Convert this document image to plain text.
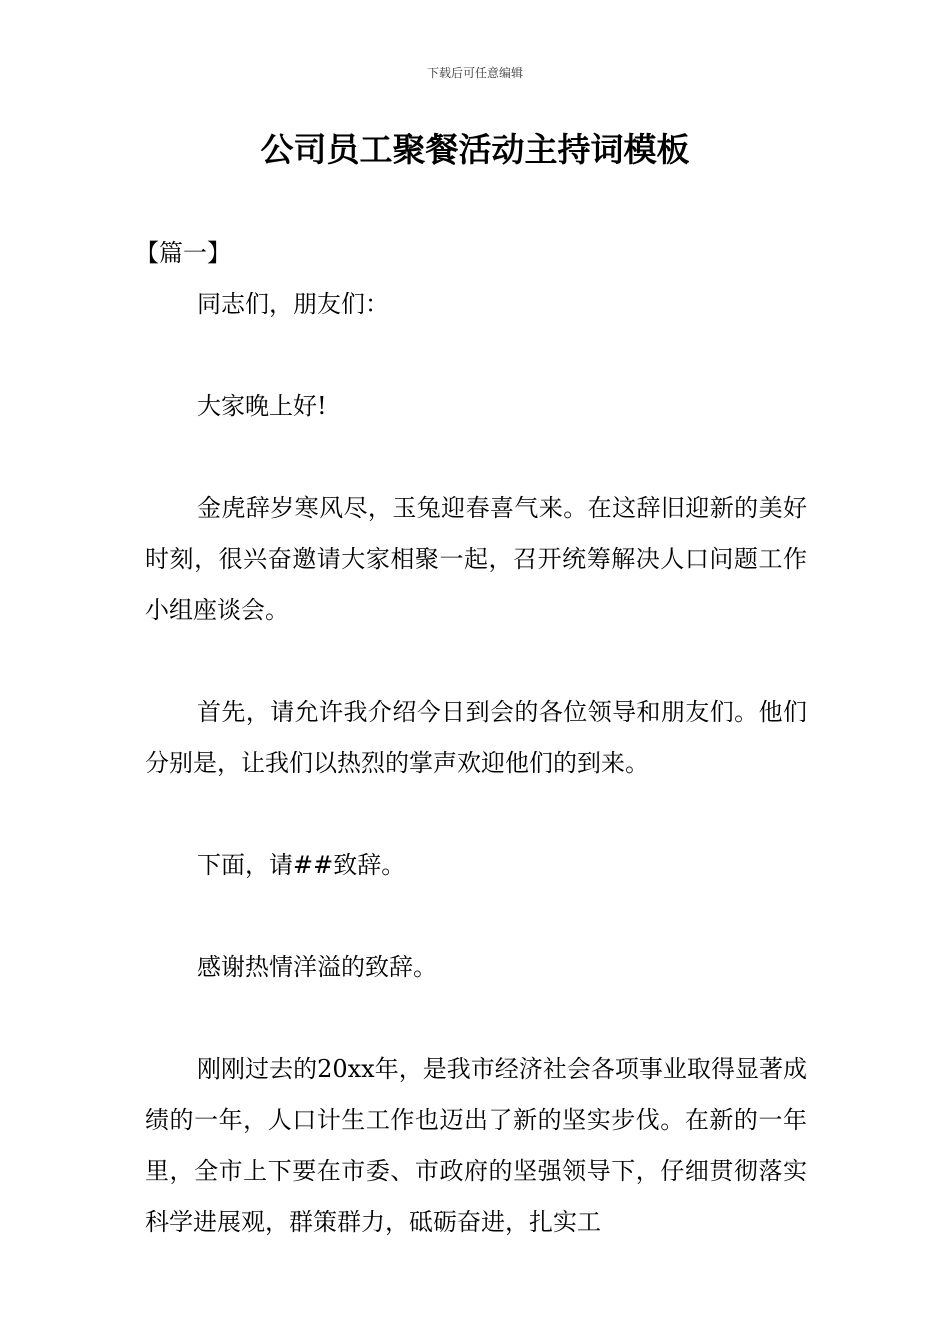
下载后可任意编辑
公司员工聚餐活动主持词模板

【篇一】

同志们，朋友们：

大家晚上好!

金虎辞岁寒风尽，玉兔迎春喜气来。在这辞旧迎新的美好时刻，很兴奋邀请大家相聚一起，召开统筹解决人口问题工作小组座谈会。

首先，请允许我介绍今日到会的各位领导和朋友们。他们分别是，让我们以热烈的掌声欢迎他们的到来。

下面，请##致辞。

感谢热情洋溢的致辞。

刚刚过去的20xx年，是我市经济社会各项事业取得显著成绩的一年，人口计生工作也迈出了新的坚实步伐。在新的一年里，全市上下要在市委、市政府的坚强领导下，仔细贯彻落实科学进展观，群策群力，砥砺奋进，扎实工
